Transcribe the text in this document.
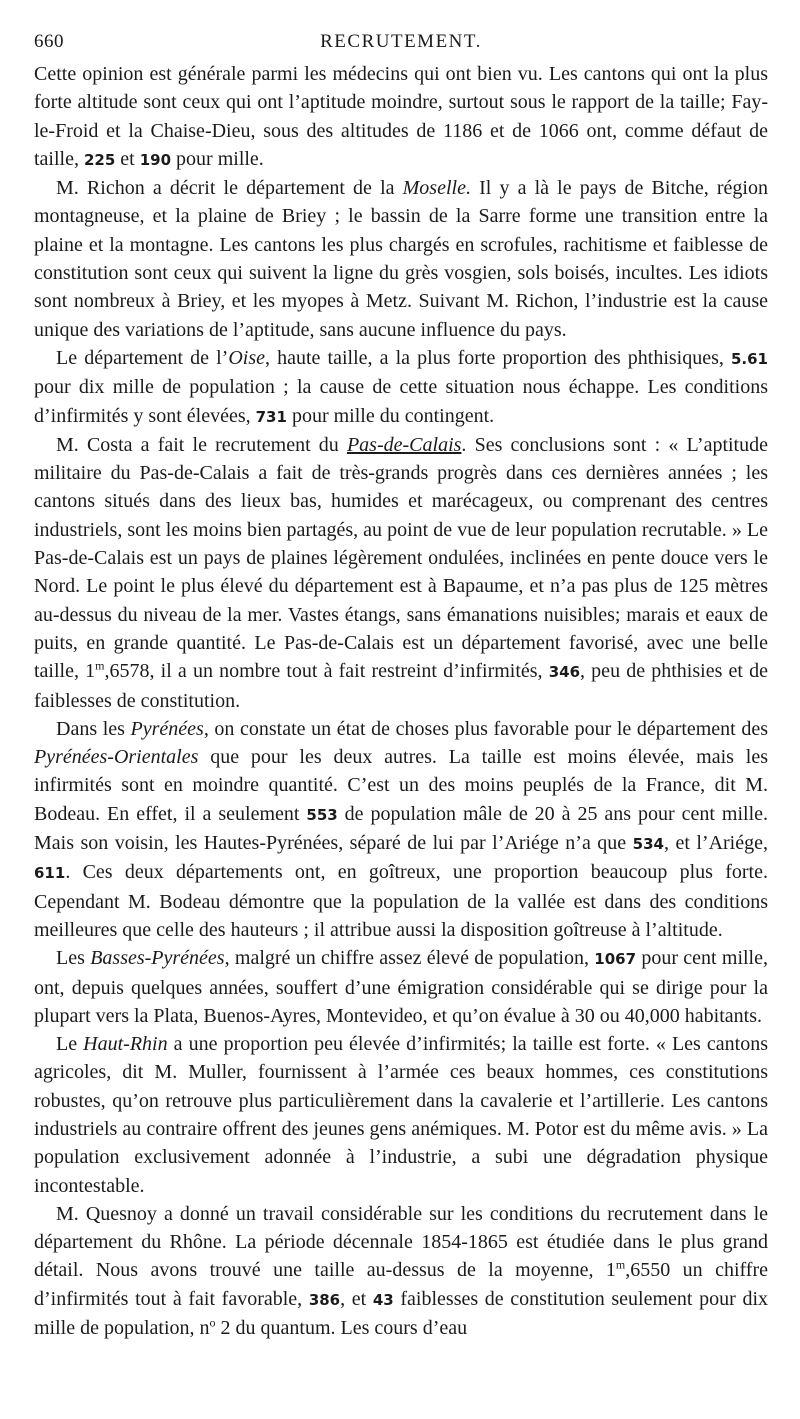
660	RECRUTEMENT.

Cette opinion est générale parmi les médecins qui ont bien vu. Les cantons qui ont la plus forte altitude sont ceux qui ont l’aptitude moindre, surtout sous le rapport de la taille; Fay-le-Froid et la Chaise-Dieu, sous des altitudes de 1186 et de 1066 ont, comme défaut de taille, 225 et 190 pour mille.

M. Richon a décrit le département de la Moselle. Il y a là le pays de Bitche, région montagneuse, et la plaine de Briey ; le bassin de la Sarre forme une transition entre la plaine et la montagne. Les cantons les plus chargés en scrofules, rachitisme et faiblesse de constitution sont ceux qui suivent la ligne du grès vosgien, sols boisés, incultes. Les idiots sont nombreux à Briey, et les myopes à Metz. Suivant M. Richon, l’industrie est la cause unique des variations de l’aptitude, sans aucune influence du pays.

Le département de l’Oise, haute taille, a la plus forte proportion des phthisiques, 5.61 pour dix mille de population ; la cause de cette situation nous échappe. Les conditions d’infirmités y sont élevées, 731 pour mille du contingent.

M. Costa a fait le recrutement du Pas-de-Calais. Ses conclusions sont : « L’aptitude militaire du Pas-de-Calais a fait de très-grands progrès dans ces dernières années ; les cantons situés dans des lieux bas, humides et marécageux, ou comprenant des centres industriels, sont les moins bien partagés, au point de vue de leur population recrutable. » Le Pas-de-Calais est un pays de plaines légèrement ondulées, inclinées en pente douce vers le Nord. Le point le plus élevé du département est à Bapaume, et n’a pas plus de 125 mètres au-dessus du niveau de la mer. Vastes étangs, sans émanations nuisibles; marais et eaux de puits, en grande quantité. Le Pas-de-Calais est un département favorisé, avec une belle taille, 1$^m$,6578, il a un nombre tout à fait restreint d’infirmités, 346, peu de phthisies et de faiblesses de constitution.

Dans les Pyrénées, on constate un état de choses plus favorable pour le département des Pyrénées-Orientales que pour les deux autres. La taille est moins élevée, mais les infirmités sont en moindre quantité. C’est un des moins peuplés de la France, dit M. Bodeau. En effet, il a seulement 553 de population mâle de 20 à 25 ans pour cent mille. Mais son voisin, les Hautes-Pyrénées, séparé de lui par l’Ariége n’a que 534, et l’Ariége, 611. Ces deux départements ont, en goîtreux, une proportion beaucoup plus forte. Cependant M. Bodeau démontre que la population de la vallée est dans des conditions meilleures que celle des hauteurs ; il attribue aussi la disposition goîtreuse à l’altitude.

Les Basses-Pyrénées, malgré un chiffre assez élevé de population, 1067 pour cent mille, ont, depuis quelques années, souffert d’une émigration considérable qui se dirige pour la plupart vers la Plata, Buenos-Ayres, Montevideo, et qu’on évalue à 30 ou 40,000 habitants.

Le Haut-Rhin a une proportion peu élevée d’infirmités; la taille est forte. « Les cantons agricoles, dit M. Muller, fournissent à l’armée ces beaux hommes, ces constitutions robustes, qu’on retrouve plus particulièrement dans la cavalerie et l’artillerie. Les cantons industriels au contraire offrent des jeunes gens anémiques. M. Potor est du même avis. » La population exclusivement adonnée à l’industrie, a subi une dégradation physique incontestable.

M. Quesnoy a donné un travail considérable sur les conditions du recrutement dans le département du Rhône. La période décennale 1854-1865 est étudiée dans le plus grand détail. Nous avons trouvé une taille au-dessus de la moyenne, 1$^m$,6550 un chiffre d’infirmités tout à fait favorable, 386, et 43 faiblesses de constitution seulement pour dix mille de population, $n^o$ 2 du quantum. Les cours d’eau
